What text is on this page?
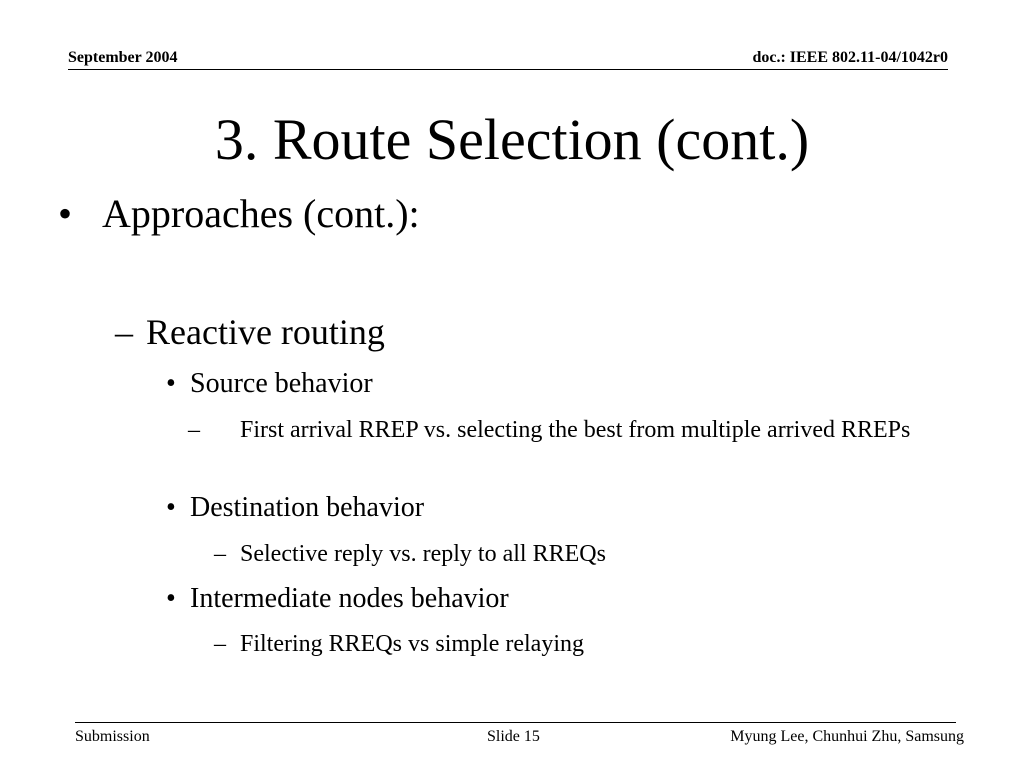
September 2004	doc.: IEEE 802.11-04/1042r0
3. Route Selection (cont.)
• Approaches (cont.):
– Reactive routing
• Source behavior
– First arrival RREP vs. selecting the best from multiple arrived RREPs
• Destination behavior
– Selective reply vs. reply to all RREQs
• Intermediate nodes behavior
– Filtering RREQs vs simple relaying
Submission	Slide 15	Myung Lee, Chunhui Zhu, Samsung
